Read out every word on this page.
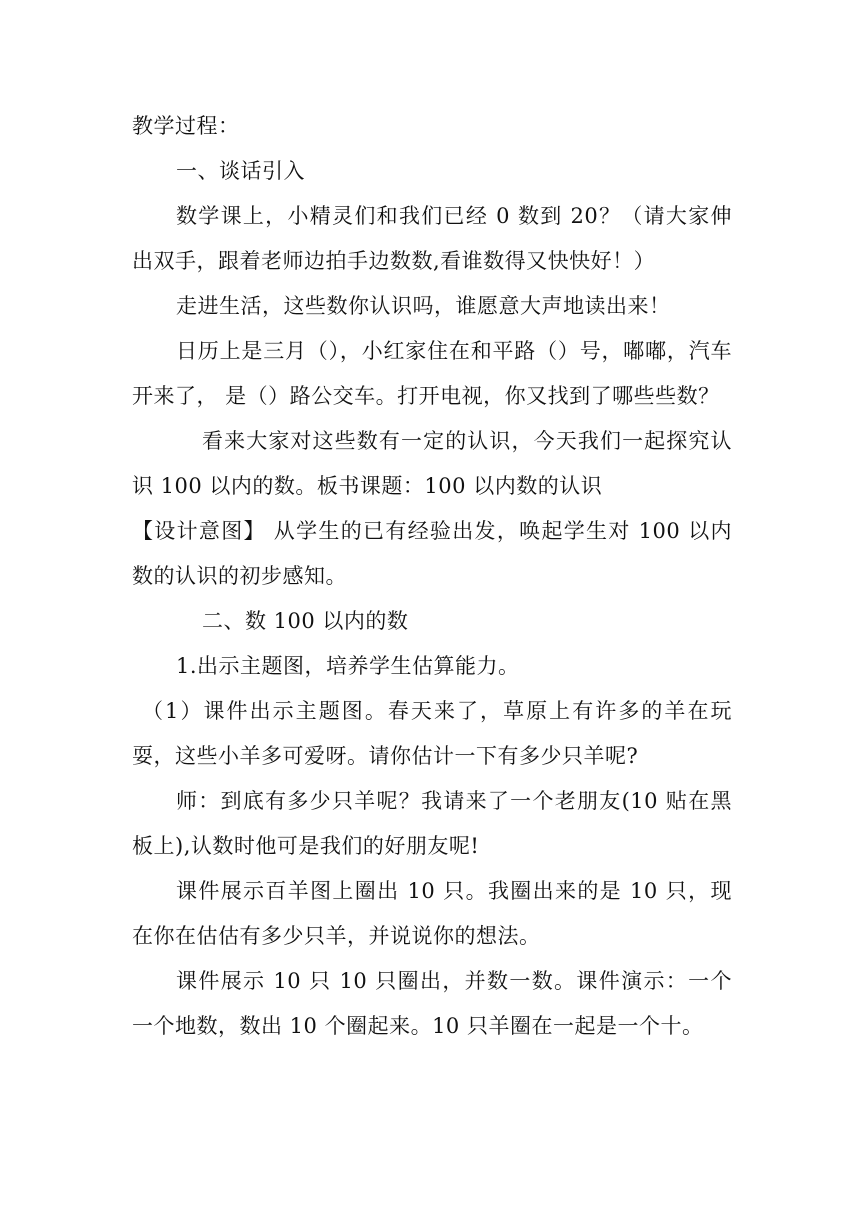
教学过程：

一、谈话引入

数学课上，小精灵们和我们已经 0 数到 20？（请大家伸出双手，跟着老师边拍手边数数,看谁数得又快快好！）

走进生活，这些数你认识吗，谁愿意大声地读出来！

日历上是三月（），小红家住在和平路（）号，嘟嘟，汽车开来了， 是（）路公交车。打开电视，你又找到了哪些些数？

看来大家对这些数有一定的认识，今天我们一起探究认识 100 以内的数。板书课题：100 以内数的认识

【设计意图】 从学生的已有经验出发，唤起学生对 100 以内数的认识的初步感知。

二、数 100 以内的数

1.出示主题图，培养学生估算能力。

（1）课件出示主题图。春天来了，草原上有许多的羊在玩耍，这些小羊多可爱呀。请你估计一下有多少只羊呢?

师：到底有多少只羊呢？我请来了一个老朋友(10 贴在黑板上),认数时他可是我们的好朋友呢!

课件展示百羊图上圈出 10 只。我圈出来的是 10 只，现在你在估估有多少只羊，并说说你的想法。

课件展示 10 只 10 只圈出，并数一数。课件演示：一个一个地数，数出 10 个圈起来。10 只羊圈在一起是一个十。
